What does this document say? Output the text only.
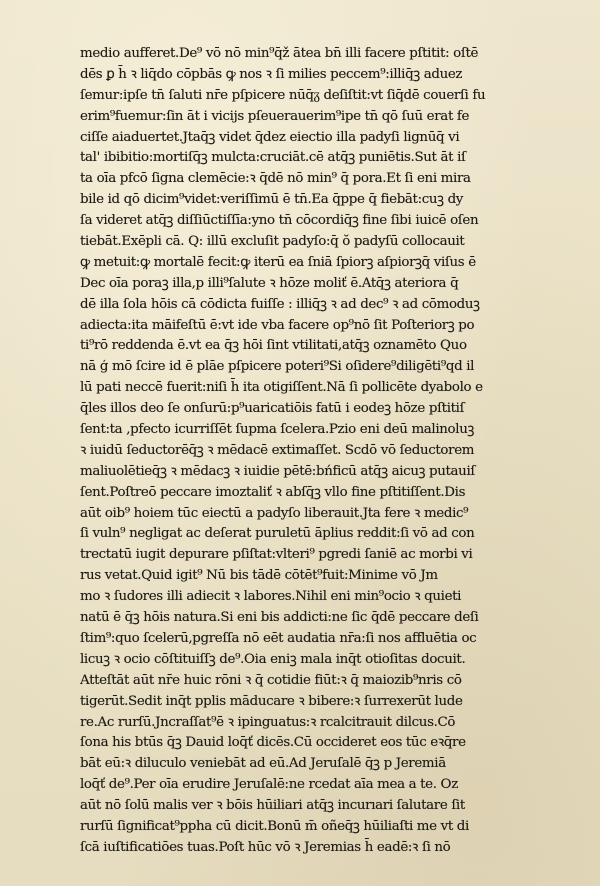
medio aufferet.De⁹ vō nō min⁹q̄ž ātea bn̄ illi facere pſtitit: oſtē
dēs ꝑ h̄ ꝛ liq̄do cōpbās ꝙ nos ꝛ ſi milies peccem⁹:illiq̄ꝫ aduez
ſemur:ipſe tn̄ ſaluti nr̄e pſpicere nūq̄ᵹ deſiſtit:vt ſiq̄dē couerſi fu
erim⁹fuemur:ſin āt i vicijs pſeuerauerim⁹ipe tn̄ qō ſuū erat fe
ciſſe aiaduertet.Jtaq̄ꝫ videt q̄dez eiectio illa padyſi lignūq̄ vi
tal' ibibitio:mortiſq̄ꝫ mulcta:cruciāt.cē atq̄ꝫ puniētis.Sut āt iſ
ta oīa pfcō ſigna clemēcie:ꝛ q̄dē nō min⁹ q̄ pora.Et ſi eni mira
bile id qō dicim⁹videt:veriſſimū ē tn̄.Ea q̄ppe q̄ fiebāt:cuꝫ dy
ſa videret atq̄ꝫ diſſiūctiſſīa:yno tn̄ cōcordiq̄ꝫ fine ſibi iuicē oſen
tiebāt.Exēpli cā. Q: illū excluſit padyſo:q̄ ŏ padyſū collocauit
ꝙ metuit:ꝙ mortalē fecit:ꝙ iterū ea ſniā ſpiorꝫ aſpiorꝫq̄ viſus ē
Dec oīa poraꝫ illa,p illi⁹ſalute ꝛ hōze moliť ē.Atq̄ꝫ ateriora q̄
dē illa ſola hōis cā cōdicta fuiſſe : illiq̄ꝫ ꝛ ad dec⁹ ꝛ ad cōmoduꝫ
adiecta:ita māifeſtū ē:vt ide vba facere op⁹nō ſit Poſteriorꝫ po
ti⁹rō reddenda ē.vt ea q̄ꝫ hōi ſint vtilitati,atq̄ꝫ oznamēto Quo
nā ģ mō ſcire id ē plāe pſpicere poteri⁹Si oſidere⁹diligēti⁹qd il
lū pati neccē fuerit:niſi h̄ ita otigiſſent.Nā ſi pollicēte dyabolo e
q̄les illos deo ſe onſurū:p⁹uaricatiōis fatū i eodeꝫ hōze pſtitiſ
ſent:ta ,pfecto icurriſſēt ſupma ſcelera.Pzio eni deū malinoluꝫ
ꝛ iuidū ſeductorēq̄ꝫ ꝛ mēdacē extimaſſet. Scdō vō ſeductorem
maliuolētieq̄ꝫ ꝛ mēdacꝫ ꝛ iuidie pētē:bńficū atq̄ꝫ aicuꝫ putauiſ
ſent.Poſtreō peccare imoztaliť ꝛ abſq̄ꝫ vllo fine pſtitiſſent.Dis
aūt oib⁹ hoiem tūc eiectū a padyſo liberauit.Jta fere ꝛ medic⁹
ſi vuln⁹ negligat ac deſerat puruletū āplius reddit:ſi vō ad con
trectatū iugit depurare pſiſtat:vlteri⁹ pgredi ſaniē ac morbi vi
rus vetat.Quid igit⁹ Nū bis tādē cōtēt⁹fuit:Minime vō Jm
mo ꝛ ſudores illi adiecit ꝛ labores.Nihil eni min⁹ocio ꝛ quieti
natū ē q̄ꝫ hōis natura.Si eni bis addicti:ne ſic q̄dē peccare deſi
ſtim⁹:quo ſcelerū,pgreſſa nō eēt audatia nr̄a:ſi nos affluētia oc
licuꝫ ꝛ ocio cōſtituiſſꝫ de⁹.Oia eniꝫ mala inq̄t otioſitas docuit.
Atteſtāt aūt nr̄e huic rōni ꝛ q̄ cotidie fiūt:ꝛ q̄ maiozib⁹nris cō
tigerūt.Sedit inq̄t pplis māducare ꝛ bibere:ꝛ ſurrexerūt lude
re.Ac rurſū.Jncraſſat⁹ē ꝛ ipinguatus:ꝛ rcalcitrauit dilcus.Cō
ſona his btūs q̄ꝫ Dauid loq̄ť dicēs.Cū occideret eos tūc eꝛq̄re
bāt eū:ꝛ diluculo veniebāt ad eū.Ad Jeruſalē q̄ꝫ p Jeremiā
loq̄ť de⁹.Per oīa erudire Jeruſalē:ne rcedat aīa mea a te. Oz
aūt nō ſolū malis ver ꝛ bōis hūiliari atq̄ꝫ incurıari ſalutare ſit
rurſū ſignificat⁹ppha cū dicit.Bonū m̄ oñeq̄ꝫ hūiliaſti me vt di
ſcā iuſtificatiōes tuas.Poſt hūc vō ꝛ Jeremias h̄ eadē:ꝛ ſi nō
